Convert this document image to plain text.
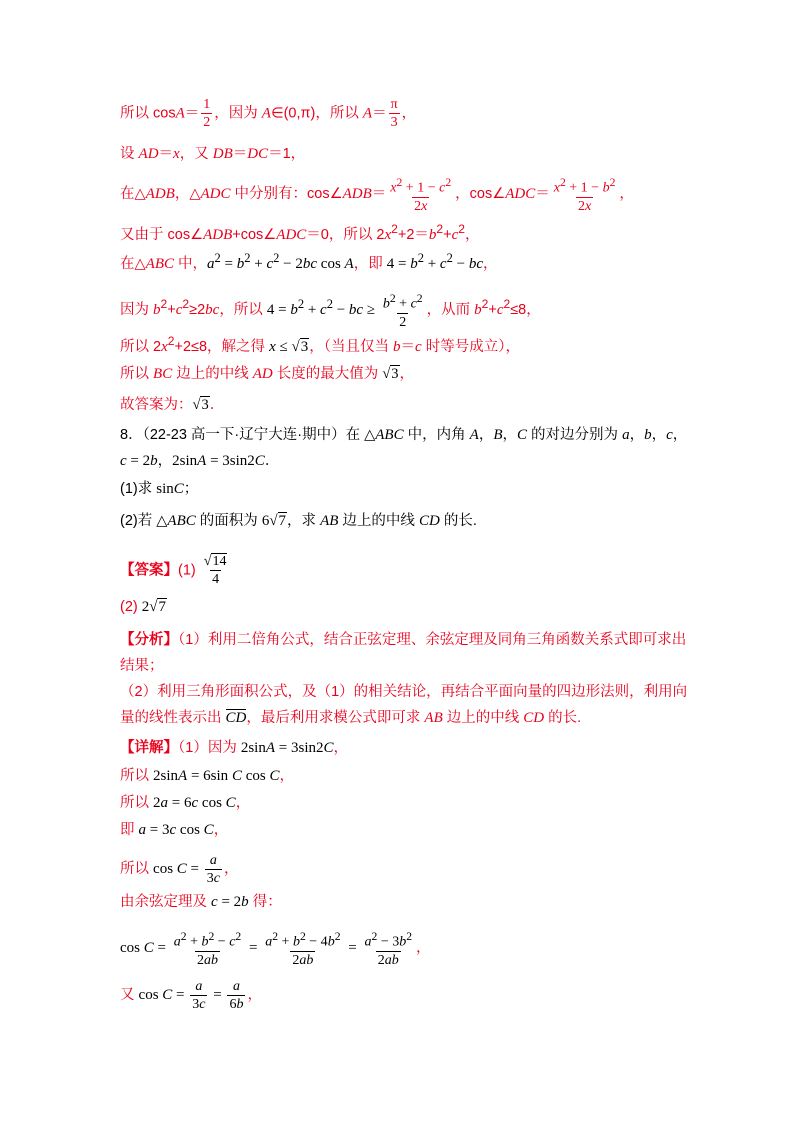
所以 $\cos A= \frac{1}{2}$ ，因为 A∈(0,π)，所以 $A= \frac{\pi}{3}$ ，
设 AD＝x，又 DB＝DC＝1，
在△ADB，△ADC 中分别有：cos∠ADB＝ $\frac{x^2 + 1 - c^2}{2x}$ ，cos∠ADC＝ $\frac{x^2 + 1 - b^2}{2x}$ ，
又由于 cos∠ADB+cos∠ADC＝0，所以 $2x^2+2=b^2+c^2$，
在△ABC 中，$a^2 = b^2 + c^2 - 2bc$ cos A，即 $4 = b^2 + c^2$ − bc，
因为 $b^2+c^2\ge 2bc$，所以 $4 = b^2 + c^2$ − bc ≥ $\frac{b^2 + c^2}{2}$ ，从而 $b^2+c^2\le 8$，
所以 $2x^2+2\le 8$，解之得 x ≤ √3，（当且仅当 b＝c 时等号成立），
所以 BC 边上的中线 AD 长度的最大值为 √3，
故答案为：√3．
8．（22-23 高一下·辽宁大连·期中）在 △ABC 中，内角 A，B，C 的对边分别为 a，b，c，
c = 2b，2sinA = 3sin2C．
(1)求 sinC；
(2)若 △ABC 的面积为 6√7，求 AB 边上的中线 CD 的长.
【答案】$(1) \frac{√14}{4}$
(2) 2√7
【分析】（1）利用二倍角公式，结合正弦定理、余弦定理及同角三角函数关系式即可求出
结果；
（2）利用三角形面积公式，及（1）的相关结论，再结合平面向量的四边形法则，利用向
量的线性表示出 CD，最后利用求模公式即可求 AB 边上的中线 CD 的长.
【详解】（1）因为 2sinA = 3sin2C，
所以 2sinA = 6sin C cos C，
所以 2a = 6c cos C，
即 a = 3c cos C，
所以 $\cos C = \frac{a}{3c}$ ，
由余弦定理及 c = 2b 得：
$\cos C = \frac{a^2 + b^2 - c^2}{2ab} = \frac{a^2 + b^2 - 4b^2}{2ab} = \frac{a^2 - 3b^2}{2ab}$ ，
又 $\cos C = \frac{a}{3c} = \frac{a}{6b}$ ，
